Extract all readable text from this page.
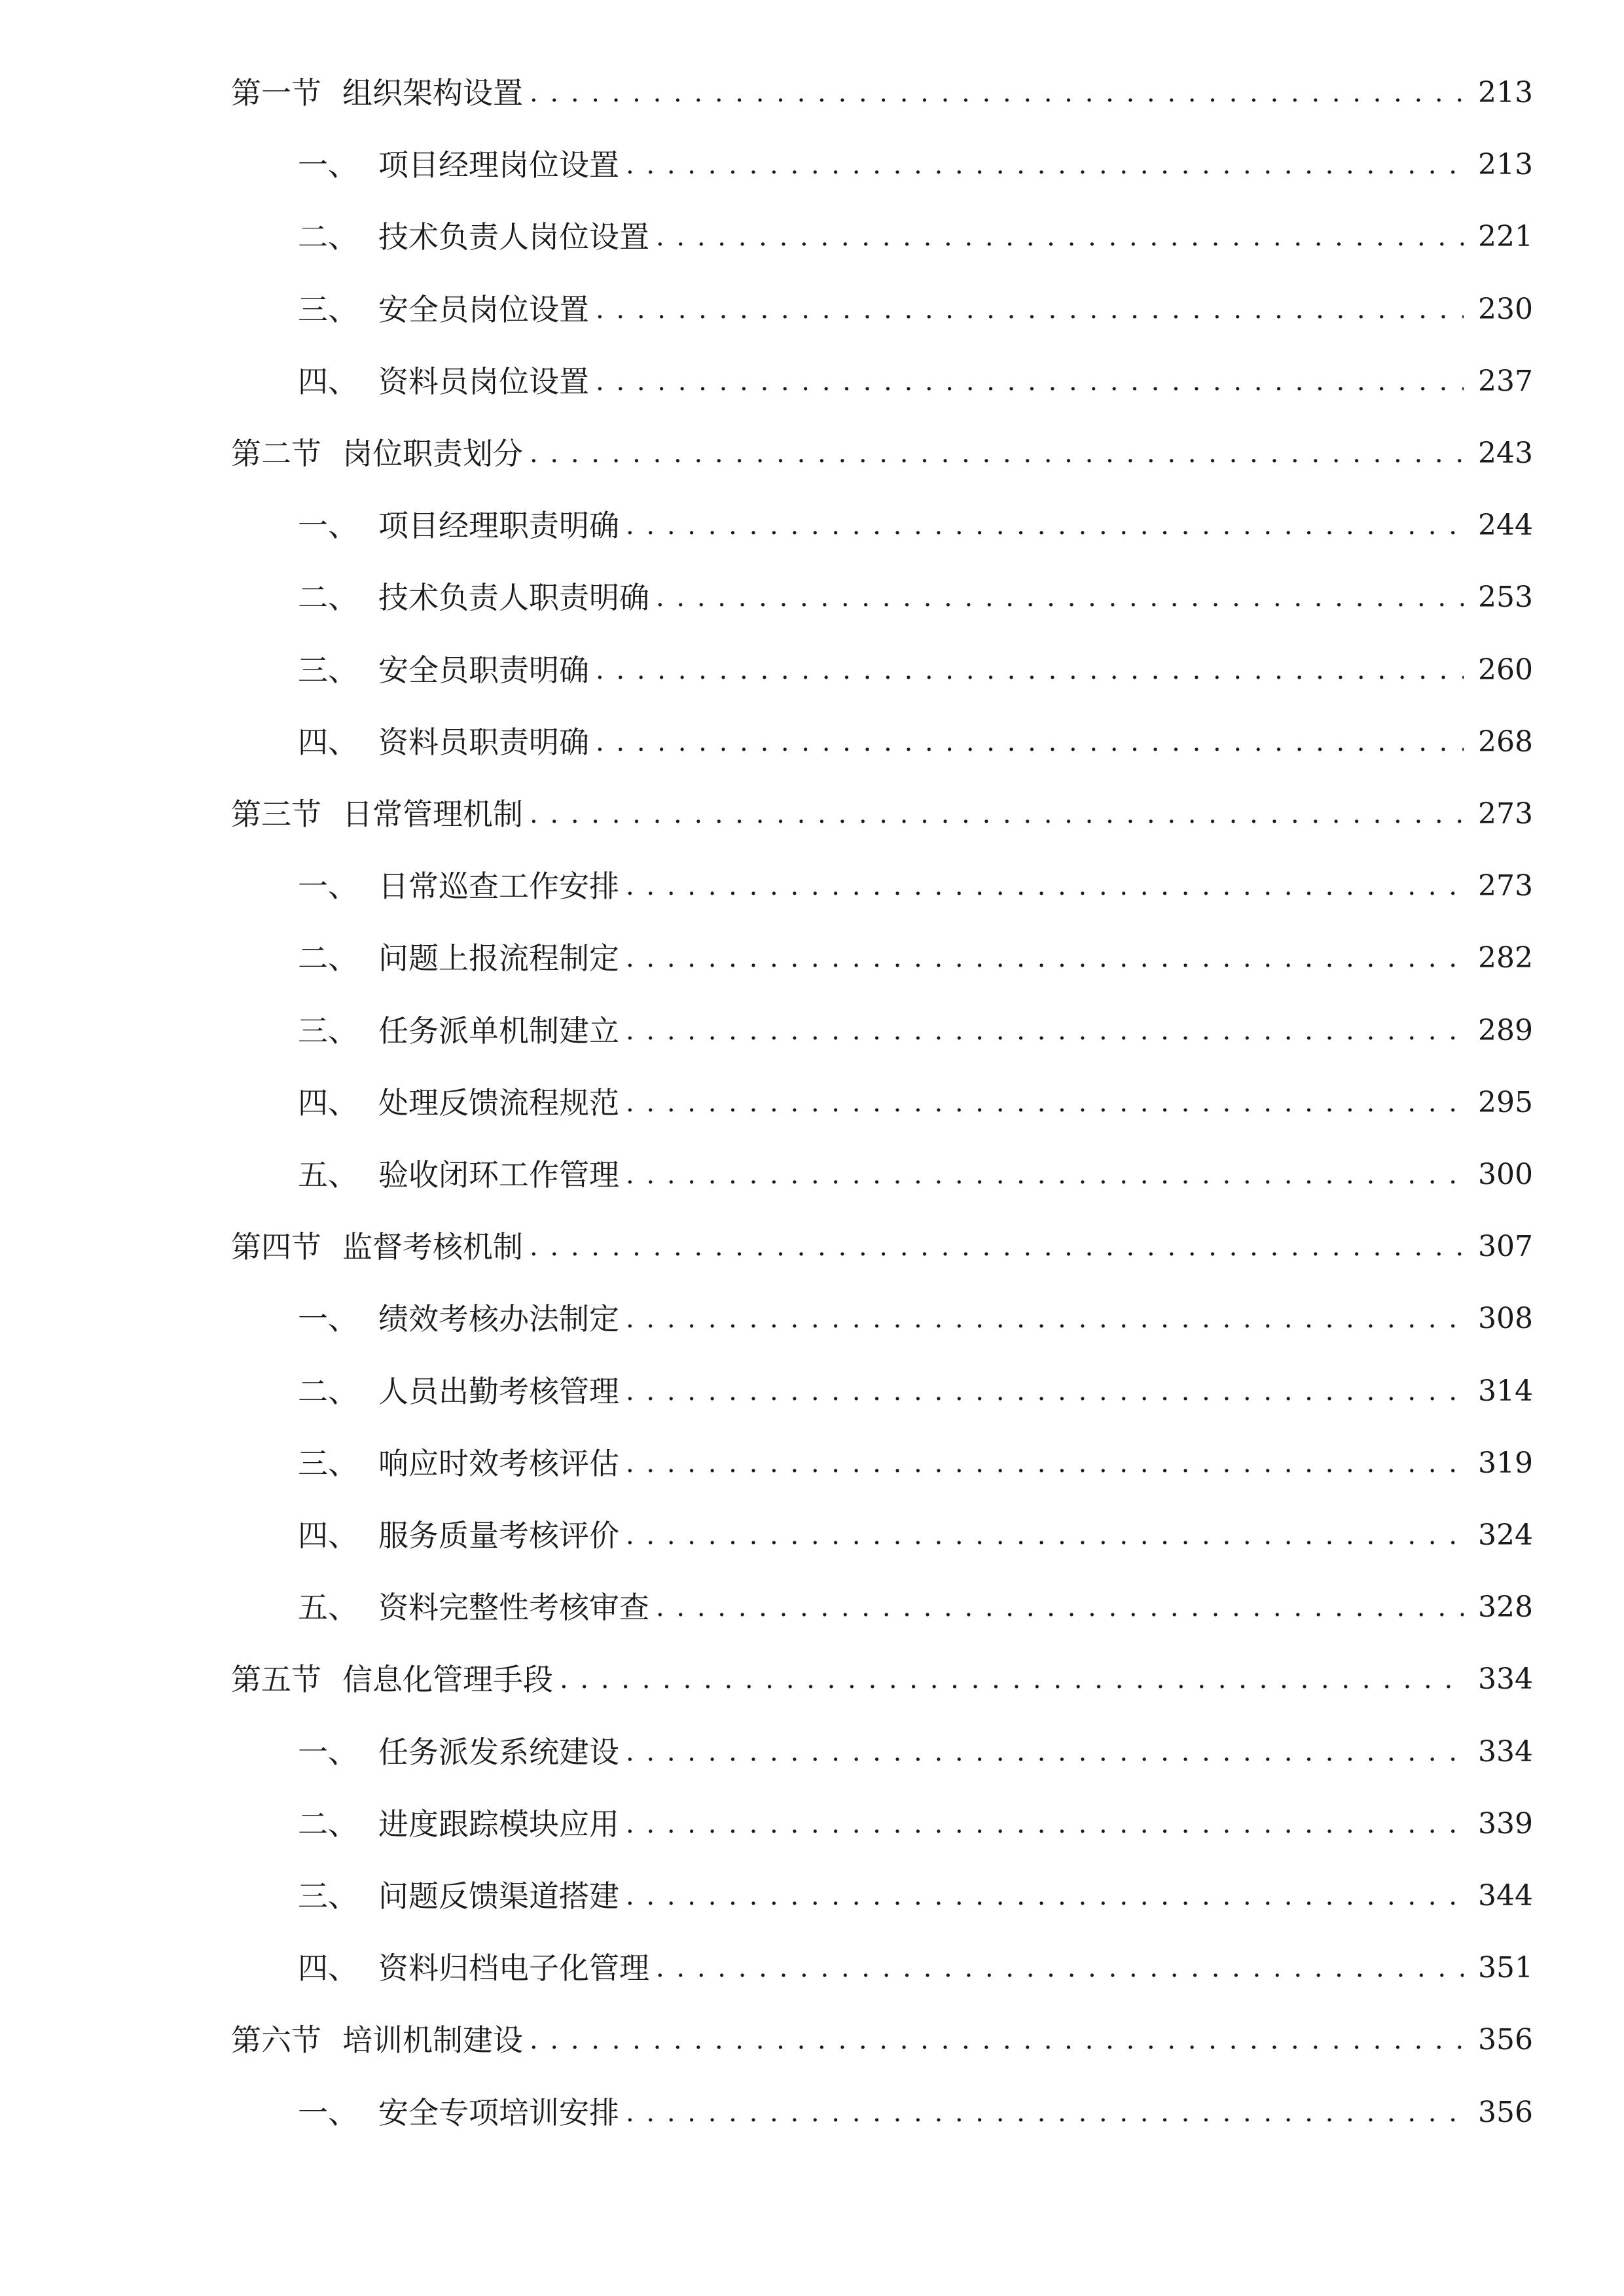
第一节 组织架构设置 . . .	213
一、 项目经理岗位设置 . . .	213
二、 技术负责人岗位设置 . . .	221
三、 安全员岗位设置 . . .	230
四、 资料员岗位设置 . . .	237
第二节 岗位职责划分 . . .	243
一、 项目经理职责明确 . . .	244
二、 技术负责人职责明确 . . .	253
三、 安全员职责明确 . . .	260
四、 资料员职责明确 . . .	268
第三节 日常管理机制 . . .	273
一、 日常巡查工作安排 . . .	273
二、 问题上报流程制定 . . .	282
三、 任务派单机制建立 . . .	289
四、 处理反馈流程规范 . . .	295
五、 验收闭环工作管理 . . .	300
第四节 监督考核机制 . . .	307
一、 绩效考核办法制定 . . .	308
二、 人员出勤考核管理 . . .	314
三、 响应时效考核评估 . . .	319
四、 服务质量考核评价 . . .	324
五、 资料完整性考核审查 . . .	328
第五节 信息化管理手段 . . .	334
一、 任务派发系统建设 . . .	334
二、 进度跟踪模块应用 . . .	339
三、 问题反馈渠道搭建 . . .	344
四、 资料归档电子化管理 . . .	351
第六节 培训机制建设 . . .	356
一、 安全专项培训安排 . . .	356
